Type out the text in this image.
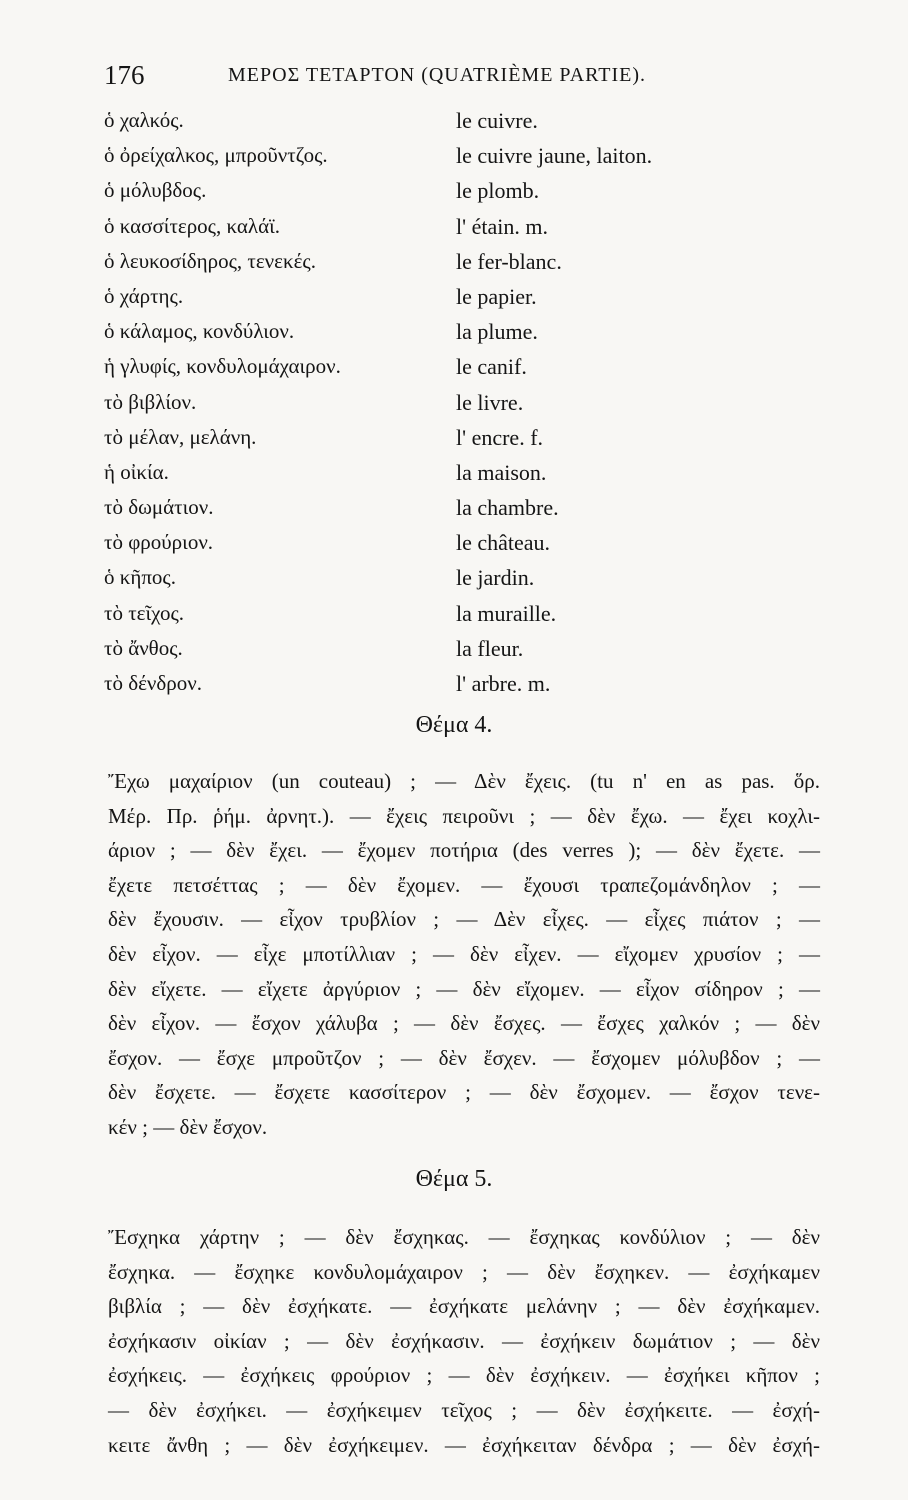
176	ΜΕΡΟΣ ΤΕΤΑΡΤΟΝ (QUATRIÈME PARTIE).
ὁ χαλκός.	le cuivre.
ὁ ὀρείχαλκος, μπροῦντζος.	le cuivre jaune, laiton.
ὁ μόλυβδος.	le plomb.
ὁ κασσίτερος, καλάϊ.	l' étain. m.
ὁ λευκοσίδηρος, τενεκές.	le fer-blanc.
ὁ χάρτης.	le papier.
ὁ κάλαμος, κονδύλιον.	la plume.
ἡ γλυφίς, κονδυλομάχαιρον.	le canif.
τὸ βιβλίον.	le livre.
τὸ μέλαν, μελάνη.	l' encre. f.
ἡ οἰκία.	la maison.
τὸ δωμάτιον.	la chambre.
τὸ φρούριον.	le château.
ὁ κῆπος.	le jardin.
τὸ τεῖχος.	la muraille.
τὸ ἄνθος.	la fleur.
τὸ δένδρον.	l' arbre. m.
Θέμα 4.
Ἔχω μαχαίριον (un couteau) ; — Δὲν ἔχεις. (tu n' en as pas. ὅρ.
Μέρ. Πρ. ῥήμ. ἀρνητ.). — ἔχεις πειροῦνι ; — δὲν ἔχω. — ἔχει κοχλι-
άριον ; — δὲν ἔχει. — ἔχομεν ποτήρια (des verres ); — δὲν ἔχετε. —
ἔχετε πετσέττας ; — δὲν ἔχομεν. — ἔχουσι τραπεζομάνδηλον ; —
δὲν ἔχουσιν. — εἶχον τρυβλίον ; — Δὲν εἶχες. — εἶχες πιάτον ; —
δὲν εἶχον. — εἶχε μποτίλλιαν ; — δὲν εἶχεν. — εἴχομεν χρυσίον ; —
δὲν εἴχετε. — εἴχετε ἀργύριον ; — δὲν εἴχομεν. — εἶχον σίδηρον ; —
δὲν εἶχον. — ἔσχον χάλυβα ; — δὲν ἔσχες. — ἔσχες χαλκόν ; — δὲν
ἔσχον. — ἔσχε μπροῦτζον ; — δὲν ἔσχεν. — ἔσχομεν μόλυβδον ; —
δὲν ἔσχετε. — ἔσχετε κασσίτερον ; — δὲν ἔσχομεν. — ἔσχον τενε-
κέν ; — δὲν ἔσχον.
Θέμα 5.
Ἔσχηκα χάρτην ; — δὲν ἔσχηκας. — ἔσχηκας κονδύλιον ; — δὲν
ἔσχηκα. — ἔσχηκε κονδυλομάχαιρον ; — δὲν ἔσχηκεν. — ἐσχήκαμεν
βιβλία ; — δὲν ἐσχήκατε. — ἐσχήκατε μελάνην ; — δὲν ἐσχήκαμεν.
ἐσχήκασιν οἰκίαν ; — δὲν ἐσχήκασιν. — ἐσχήκειν δωμάτιον ; — δὲν
ἐσχήκεις. — ἐσχήκεις φρούριον ; — δὲν ἐσχήκειν. — ἐσχήκει κῆπον ;
— δὲν ἐσχήκει. — ἐσχήκειμεν τεῖχος ; — δὲν ἐσχήκειτε. — ἐσχή-
κειτε ἄνθη ; — δὲν ἐσχήκειμεν. — ἐσχήκειταν δένδρα ; — δὲν ἐσχή-
